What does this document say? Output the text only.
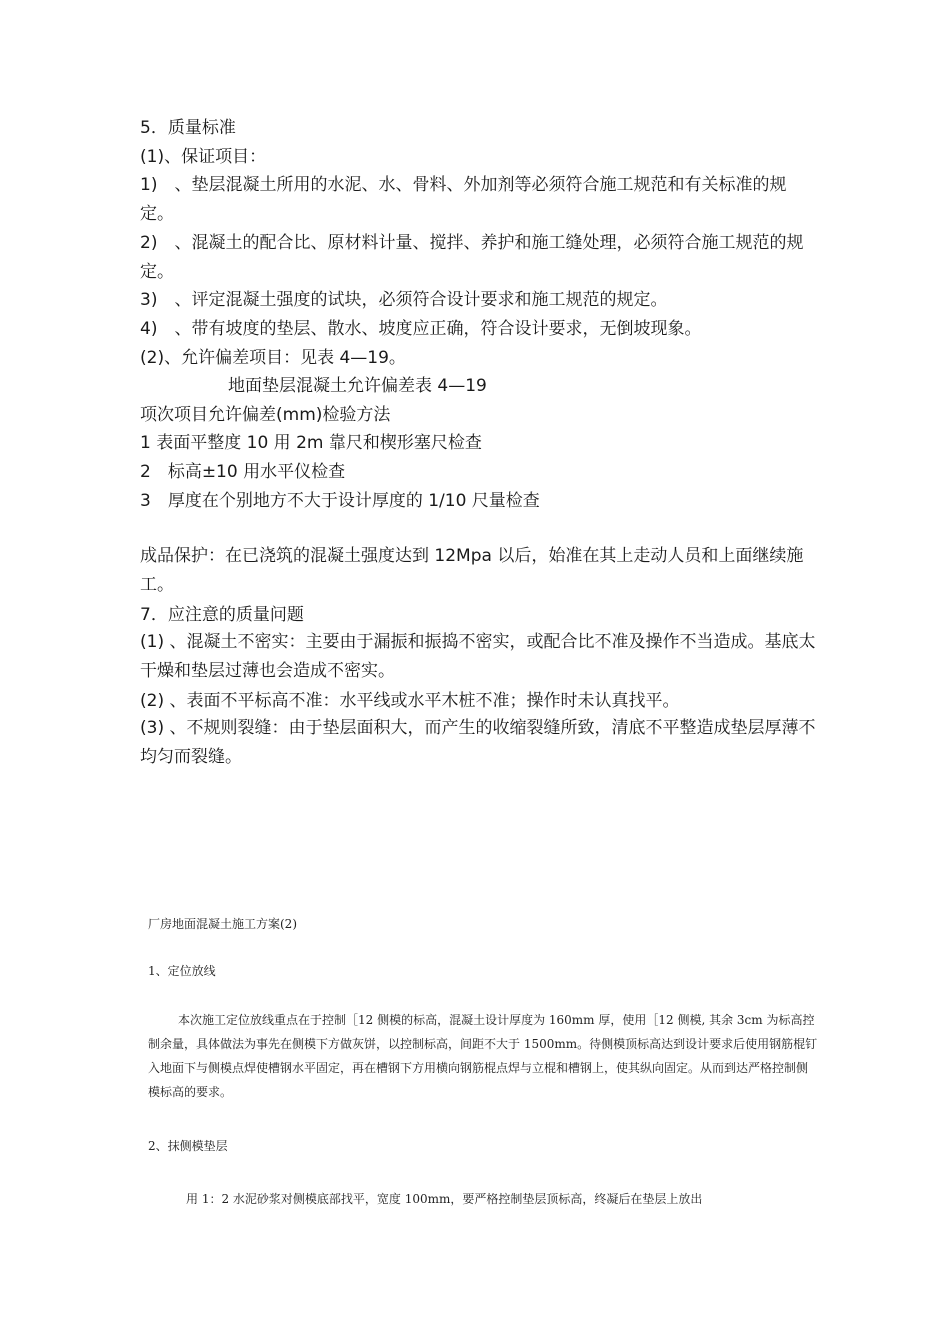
5．质量标准
(1)、保证项目：
1)　、垫层混凝土所用的水泥、水、骨料、外加剂等必须符合施工规范和有关标准的规定。
2)　、混凝土的配合比、原材料计量、搅拌、养护和施工缝处理，必须符合施工规范的规定。
3)　、评定混凝土强度的试块，必须符合设计要求和施工规范的规定。
4)　、带有坡度的垫层、散水、坡度应正确，符合设计要求，无倒坡现象。
(2)、允许偏差项目：见表 4—19。
地面垫层混凝土允许偏差表 4—19
项次项目允许偏差(mm)检验方法
1 表面平整度 10 用 2m 靠尺和楔形塞尺检查
2　标高±10 用水平仪检查
3　厚度在个别地方不大于设计厚度的 1/10 尺量检查
成品保护：在已浇筑的混凝土强度达到 12Mpa 以后，始准在其上走动人员和上面继续施工。
7．应注意的质量问题
(1) 、混凝土不密实：主要由于漏振和振捣不密实，或配合比不准及操作不当造成。基底太干燥和垫层过薄也会造成不密实。
(2) 、表面不平标高不准：水平线或水平木桩不准；操作时未认真找平。
(3) 、不规则裂缝：由于垫层面积大，而产生的收缩裂缝所致，清底不平整造成垫层厚薄不均匀而裂缝。
厂房地面混凝土施工方案(2)
1、定位放线
本次施工定位放线重点在于控制［12 侧模的标高，混凝土设计厚度为 160mm 厚，使用［12 侧模, 其余 3cm 为标高控制余量，具体做法为事先在侧模下方做灰饼，以控制标高，间距不大于 1500mm。待侧模顶标高达到设计要求后使用钢筋棍钉入地面下与侧模点焊使槽钢水平固定，再在槽钢下方用横向钢筋棍点焊与立棍和槽钢上，使其纵向固定。从而到达严格控制侧模标高的要求。
2、抹侧模垫层
用 1：2 水泥砂浆对侧模底部找平，宽度 100mm，要严格控制垫层顶标高，终凝后在垫层上放出
